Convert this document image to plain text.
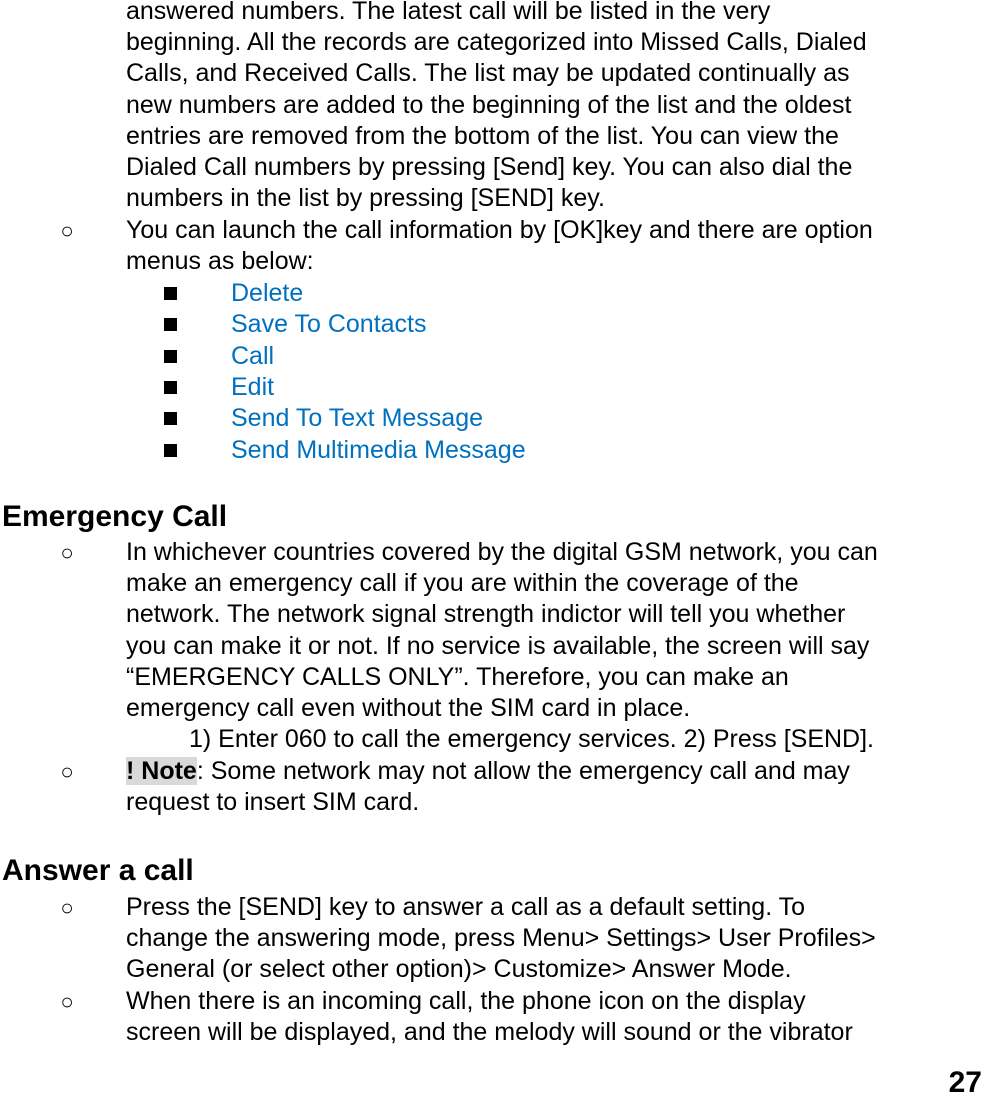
answered numbers. The latest call will be listed in the very
beginning. All the records are categorized into Missed Calls, Dialed
Calls, and Received Calls. The list may be updated continually as
new numbers are added to the beginning of the list and the oldest
entries are removed from the bottom of the list. You can view the
Dialed Call numbers by pressing [Send] key. You can also dial the
numbers in the list by pressing [SEND] key.
○	You can launch the call information by [OK]key and there are option
menus as below:
Delete
Save To Contacts
Call
Edit
Send To Text Message
Send Multimedia Message
Emergency Call
○	In whichever countries covered by the digital GSM network, you can
make an emergency call if you are within the coverage of the
network. The network signal strength indictor will tell you whether
you can make it or not. If no service is available, the screen will say
“EMERGENCY CALLS ONLY”. Therefore, you can make an
emergency call even without the SIM card in place.
1) Enter 060 to call the emergency services. 2) Press [SEND].
○	! Note: Some network may not allow the emergency call and may
request to insert SIM card.
Answer a call
○	Press the [SEND] key to answer a call as a default setting. To
change the answering mode, press Menu> Settings> User Profiles>
General (or select other option)> Customize> Answer Mode.
○	When there is an incoming call, the phone icon on the display
screen will be displayed, and the melody will sound or the vibrator
27
